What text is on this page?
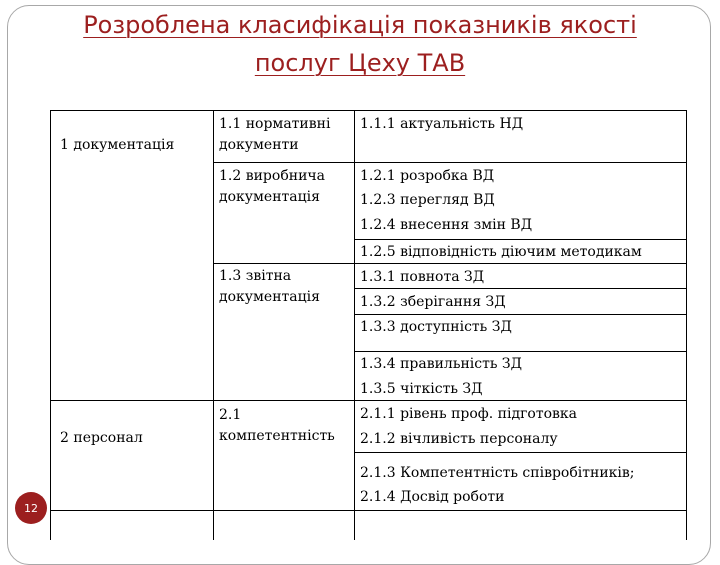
Розроблена класифікація показників якості
послуг Цеху ТАВ
1 документація
2 персонал
1.1 нормативні документи
1.2 виробнича документація
1.3 звітна документація
2.1 компетентність
1.1.1 актуальність НД
1.2.1 розробка ВД
1.2.3 перегляд ВД
1.2.4 внесення змін ВД
1.2.5 відповідність діючим методикам
1.3.1 повнота ЗД
1.3.2 зберігання ЗД
1.3.3 доступність ЗД
1.3.4 правильність ЗД
1.3.5 чіткість ЗД
2.1.1 рівень проф. підготовка
2.1.2 вічливість персоналу
2.1.3 Компетентність співробітників;
2.1.4 Досвід роботи
12
